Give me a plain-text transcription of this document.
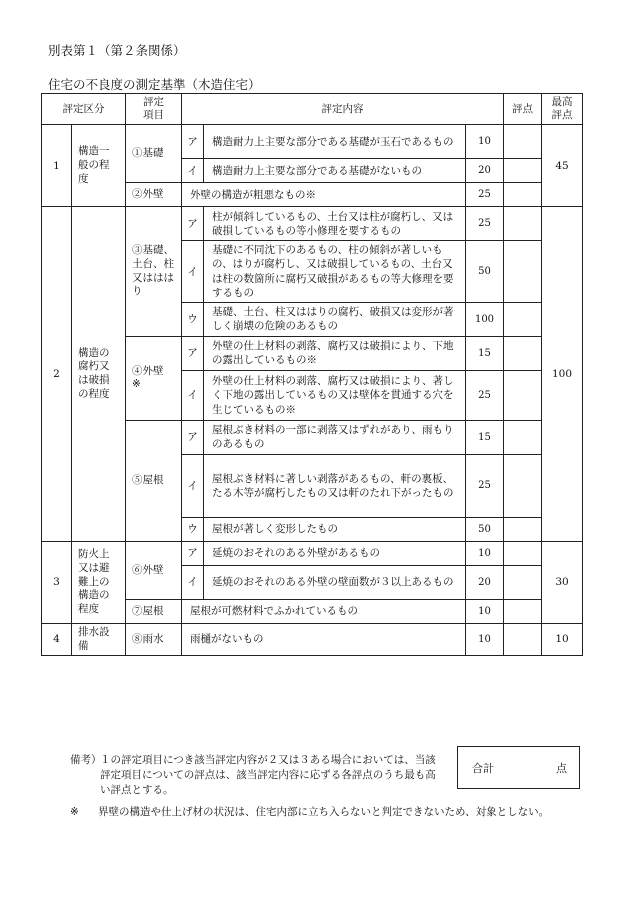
別表第１（第２条関係）
住宅の不良度の測定基準（木造住宅）
評定区分		評定
項目	評定内容			評点	最高
評点
1	構造一
般の程
度	①基礎	ア	構造耐力上主要な部分である基礎が玉石であるもの	10		45
			イ	構造耐力上主要な部分である基礎がないもの	20		
		②外壁	外壁の構造が粗悪なもの※		25		
2	構造の
腐朽又
は破損
の程度	③基礎、
土台、柱
又ははは
り	ア	柱が傾斜しているもの、土台又は柱が腐朽し、又は破損しているもの等小修理を要するもの	25		100
			イ	基礎に不同沈下のあるもの、柱の傾斜が著しいもの、はりが腐朽し、又は破損しているもの、土台又は柱の数箇所に腐朽又破損があるもの等大修理を要するもの	50		
			ウ	基礎、土台、柱又ははりの腐朽、破損又は変形が著しく崩壊の危険のあるもの	100		
		④外壁
※	ア	外壁の仕上材料の剥落、腐朽又は破損により、下地の露出しているもの※	15		
			イ	外壁の仕上材料の剥落、腐朽又は破損により、著しく下地の露出しているもの又は壁体を貫通する穴を生じているもの※	25		
		⑤屋根	ア	屋根ぶき材料の一部に剥落又はずれがあり、雨もりのあるもの	15		
			イ	屋根ぶき材料に著しい剥落があるもの、軒の裏板、たる木等が腐朽したもの又は軒のたれ下がったもの	25		
			ウ	屋根が著しく変形したもの	50		
3	防火上
又は避
難上の
構造の
程度	⑥外壁	ア	延焼のおそれのある外壁があるもの	10		30
			イ	延焼のおそれのある外壁の壁面数が３以上あるもの	20		
		⑦屋根	屋根が可燃材料でふかれているもの		10		
4	排水設
備	⑧雨水	雨樋がないもの		10		10
備考）
１の評定項目につき該当評定内容が２又は３ある場合においては、当該評定項目についての評点は、該当評定内容に応ずる各評点のうち最も高い評点とする。
※ 界壁の構造や仕上げ材の状況は、住宅内部に立ち入らないと判定できないため、対象としない。
合計	点
